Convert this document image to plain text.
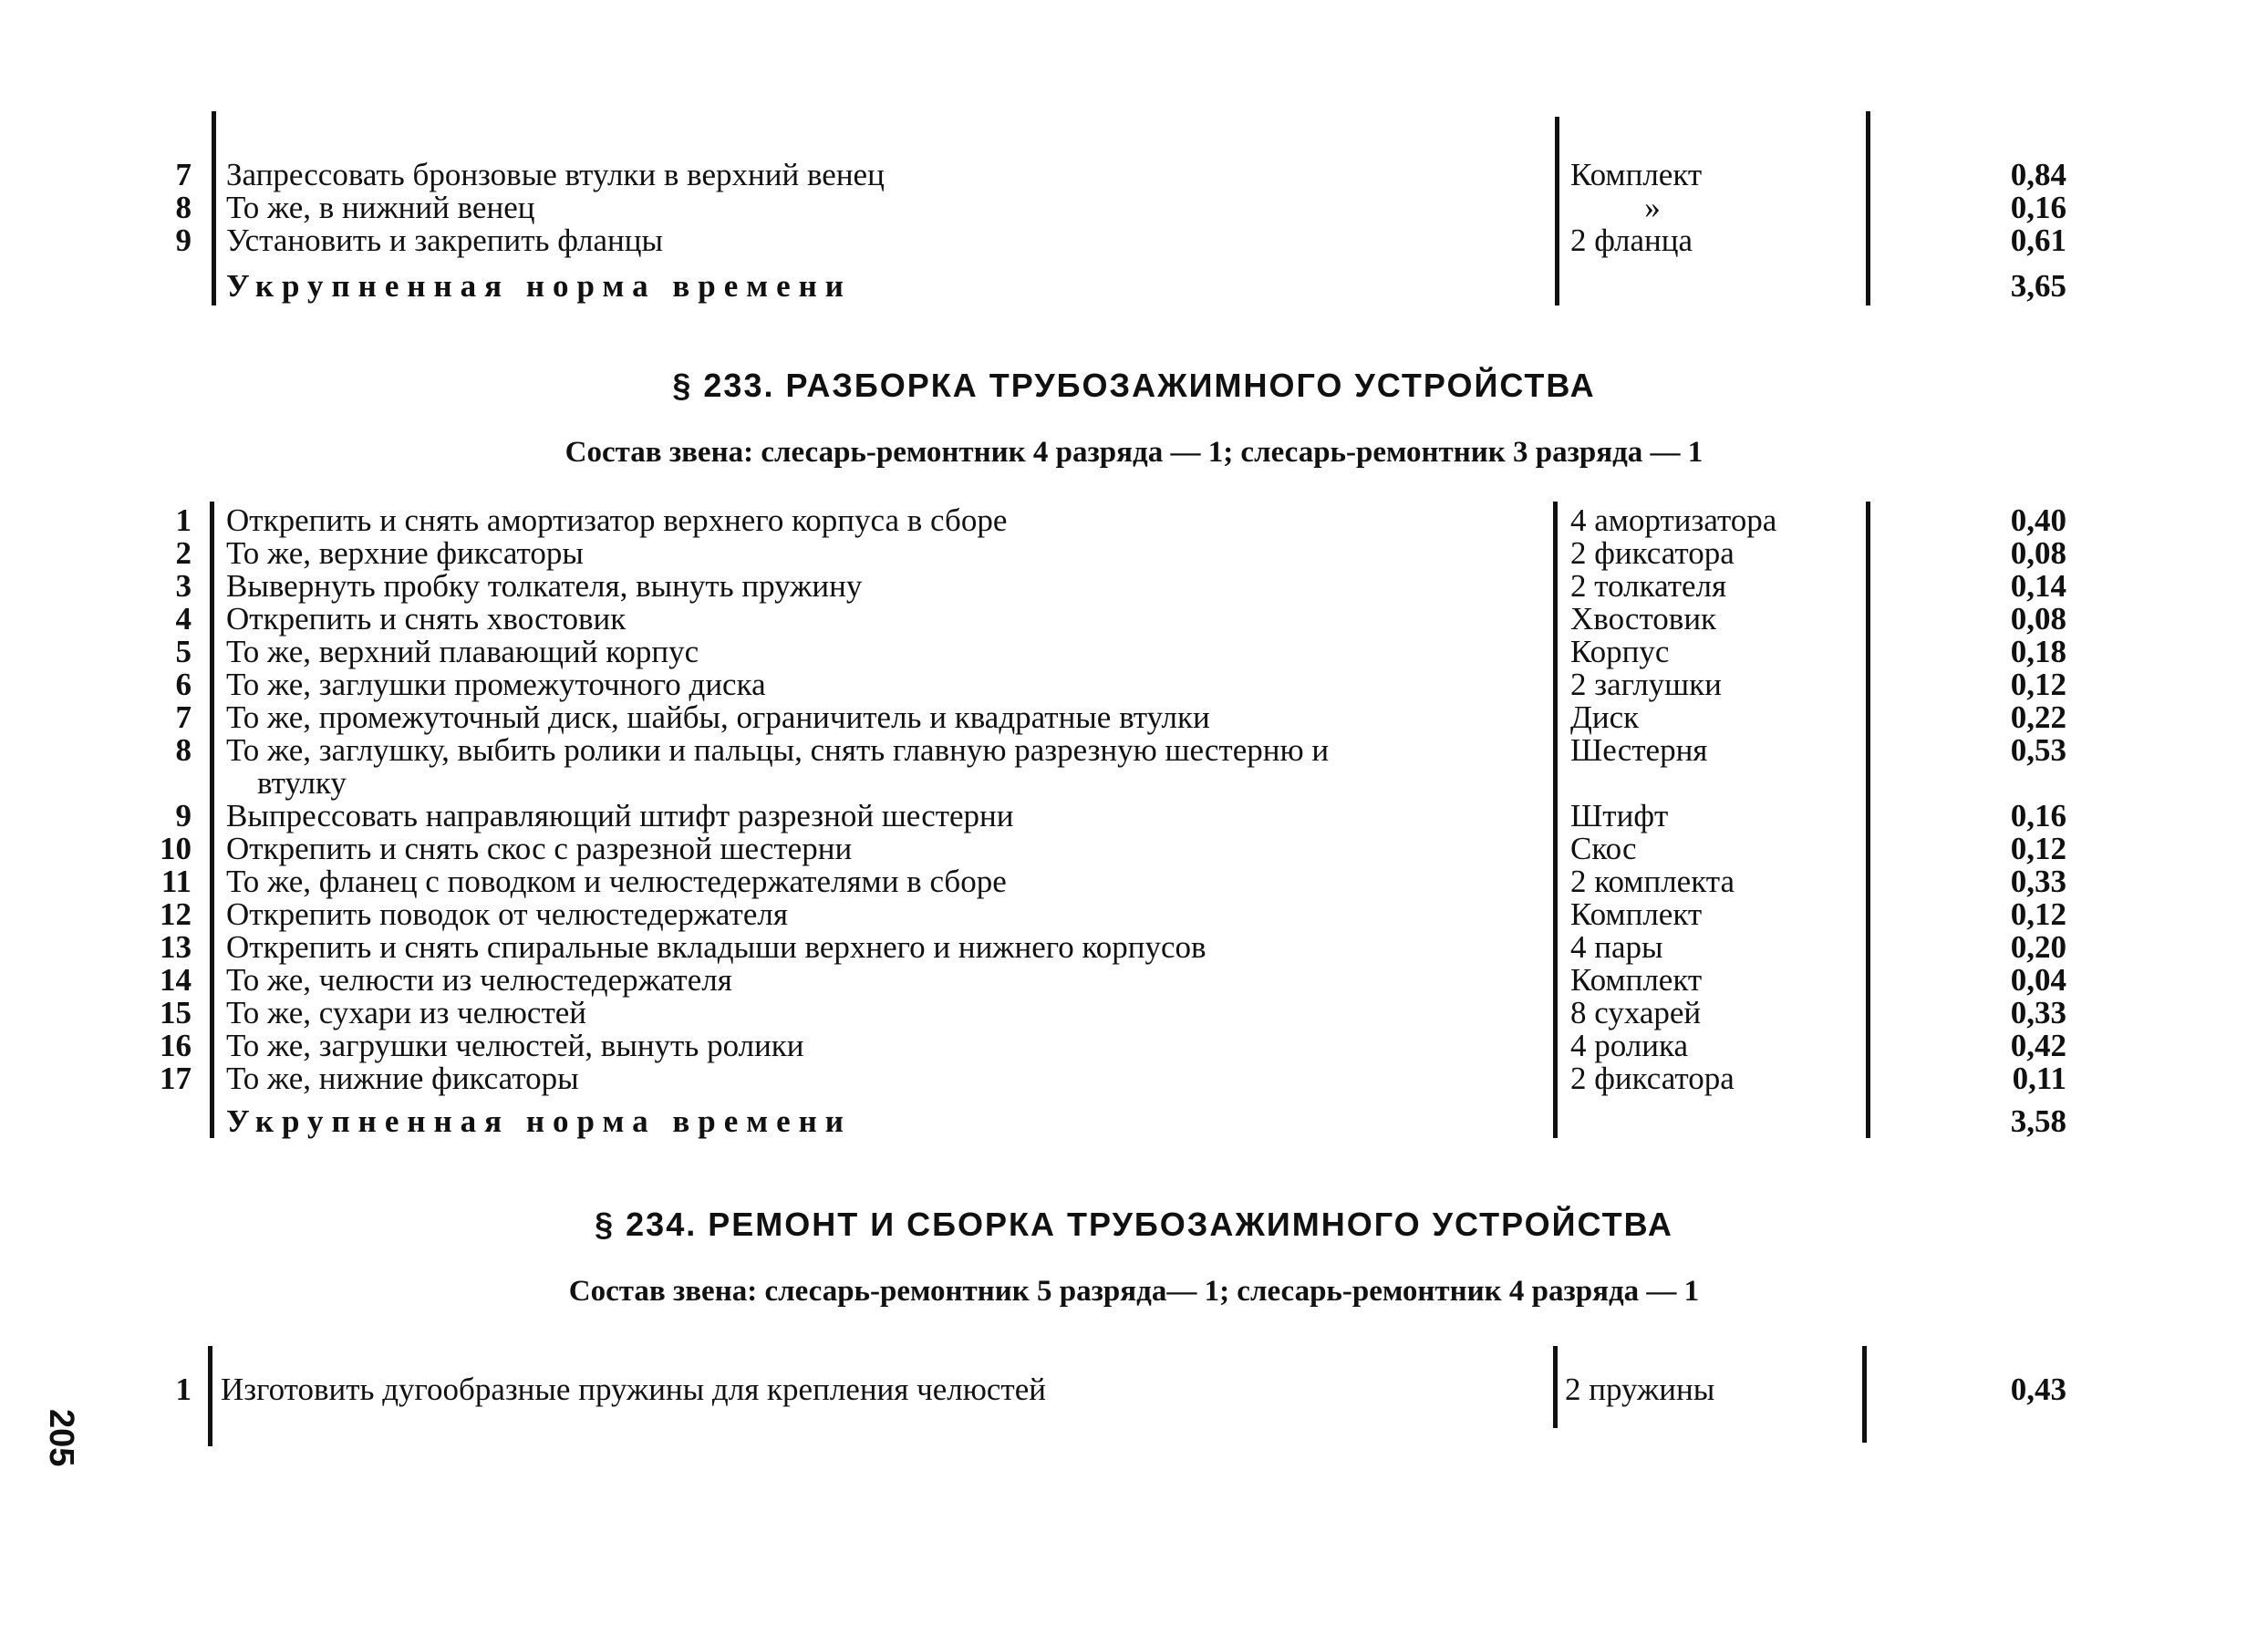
7 Запрессовать бронзовые втулки в верхний венец	Комплект	0,84
8 То же, в нижний венец	»	0,16
9 Установить и закрепить фланцы	2 фланца	0,61
Укрупненная норма времени	3,65
§ 233. РАЗБОРКА ТРУБОЗАЖИМНОГО УСТРОЙСТВА
Состав звена: слесарь-ремонтник 4 разряда — 1; слесарь-ремонтник 3 разряда — 1
1 Открепить и снять амортизатор верхнего корпуса в сборе	4 амортизатора	0,40
2 То же, верхние фиксаторы	2 фиксатора	0,08
3 Вывернуть пробку толкателя, вынуть пружину	2 толкателя	0,14
4 Открепить и снять хвостовик	Хвостовик	0,08
5 То же, верхний плавающий корпус	Корпус	0,18
6 То же, заглушки промежуточного диска	2 заглушки	0,12
7 То же, промежуточный диск, шайбы, ограничитель и квадратные втулки	Диск	0,22
8 То же, заглушку, выбить ролики и пальцы, снять главную разрезную шестерню и	Шестерня	0,53
втулку
9 Выпрессовать направляющий штифт разрезной шестерни	Штифт	0,16
10 Открепить и снять скос с разрезной шестерни	Скос	0,12
11 То же, фланец с поводком и челюстедержателями в сборе	2 комплекта	0,33
12 Открепить поводок от челюстедержателя	Комплект	0,12
13 Открепить и снять спиральные вкладыши верхнего и нижнего корпусов	4 пары	0,20
14 То же, челюсти из челюстедержателя	Комплект	0,04
15 То же, сухари из челюстей	8 сухарей	0,33
16 То же, загрушки челюстей, вынуть ролики	4 ролика	0,42
17 То же, нижние фиксаторы	2 фиксатора	0,11
Укрупненная норма времени	3,58
§ 234. РЕМОНТ И СБОРКА ТРУБОЗАЖИМНОГО УСТРОЙСТВА
Состав звена: слесарь-ремонтник 5 разряда— 1; слесарь-ремонтник 4 разряда — 1
1 Изготовить дугообразные пружины для крепления челюстей	2 пружины	0,43
205
